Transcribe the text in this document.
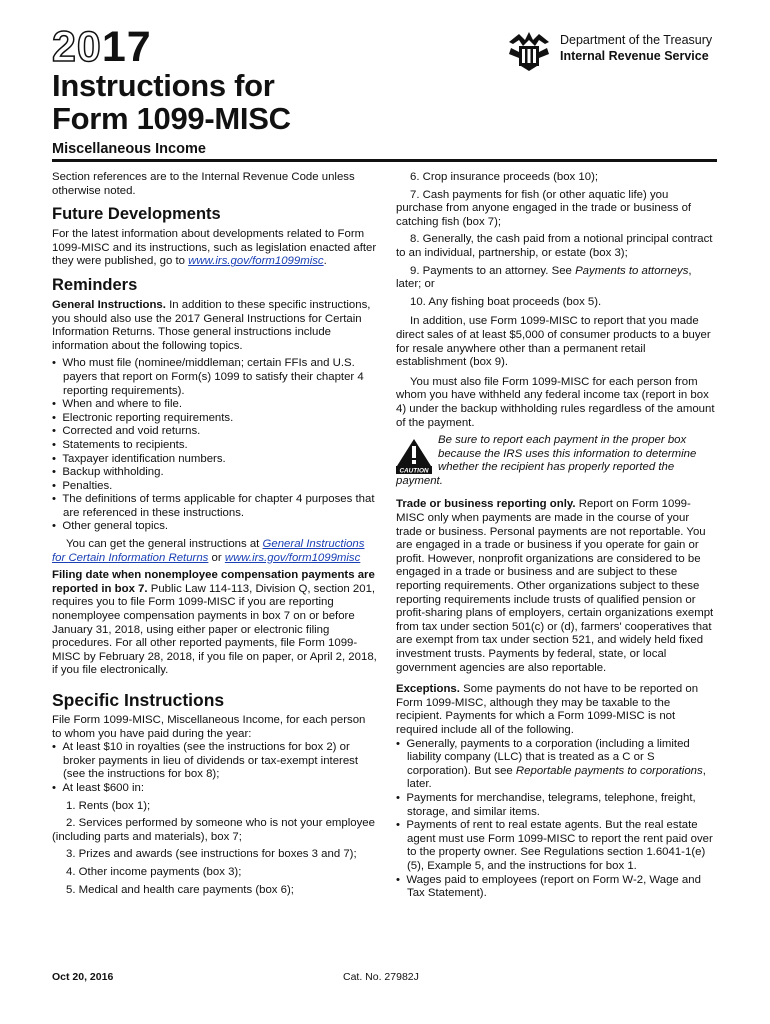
2017	Department of the Treasury
Internal Revenue Service
Instructions for
Form 1099-MISC
Miscellaneous Income

Section references are to the Internal Revenue Code unless otherwise noted.

Future Developments

For the latest information about developments related to Form 1099-MISC and its instructions, such as legislation enacted after they were published, go to www.irs.gov/form1099misc.

Reminders

General Instructions. In addition to these specific instructions, you should also use the 2017 General Instructions for Certain Information Returns. Those general instructions include information about the following topics.

•  Who must file (nominee/middleman; certain FFIs and U.S. payers that report on Form(s) 1099 to satisfy their chapter 4 reporting requirements).
•  When and where to file.
•  Electronic reporting requirements.
•  Corrected and void returns.
•  Statements to recipients.
•  Taxpayer identification numbers.
•  Backup withholding.
•  Penalties.
•  The definitions of terms applicable for chapter 4 purposes that are referenced in these instructions.
•  Other general topics.

You can get the general instructions at General Instructions for Certain Information Returns or www.irs.gov/form1099misc

Filing date when nonemployee compensation payments are reported in box 7. Public Law 114-113, Division Q, section 201, requires you to file Form 1099-MISC if you are reporting nonemployee compensation payments in box 7 on or before January 31, 2018, using either paper or electronic filing procedures. For all other reported payments, file Form 1099-MISC by February 28, 2018, if you file on paper, or April 2, 2018, if you file electronically.

Specific Instructions

File Form 1099-MISC, Miscellaneous Income, for each person to whom you have paid during the year:

•  At least $10 in royalties (see the instructions for box 2) or broker payments in lieu of dividends or tax-exempt interest (see the instructions for box 8);
•  At least $600 in:

1. Rents (box 1);

2. Services performed by someone who is not your employee (including parts and materials), box 7;

3. Prizes and awards (see instructions for boxes 3 and 7);

4. Other income payments (box 3);

5. Medical and health care payments (box 6);

6. Crop insurance proceeds (box 10);

7. Cash payments for fish (or other aquatic life) you purchase from anyone engaged in the trade or business of catching fish (box 7);

8. Generally, the cash paid from a notional principal contract to an individual, partnership, or estate (box 3);

9. Payments to an attorney. See Payments to attorneys, later; or

10. Any fishing boat proceeds (box 5).

In addition, use Form 1099-MISC to report that you made direct sales of at least $5,000 of consumer products to a buyer for resale anywhere other than a permanent retail establishment (box 9).

You must also file Form 1099-MISC for each person from whom you have withheld any federal income tax (report in box 4) under the backup withholding rules regardless of the amount of the payment.

CAUTION
Be sure to report each payment in the proper box because the IRS uses this information to determine whether the recipient has properly reported the
payment.

Trade or business reporting only. Report on Form 1099-MISC only when payments are made in the course of your trade or business. Personal payments are not reportable. You are engaged in a trade or business if you operate for gain or profit. However, nonprofit organizations are considered to be engaged in a trade or business and are subject to these reporting requirements. Other organizations subject to these reporting requirements include trusts of qualified pension or profit-sharing plans of employers, certain organizations exempt from tax under section 501(c) or (d), farmers' cooperatives that are exempt from tax under section 521, and widely held fixed investment trusts. Payments by federal, state, or local government agencies are also reportable.

Exceptions. Some payments do not have to be reported on Form 1099-MISC, although they may be taxable to the recipient. Payments for which a Form 1099-MISC is not required include all of the following.

•  Generally, payments to a corporation (including a limited liability company (LLC) that is treated as a C or S corporation). But see Reportable payments to corporations, later.
•  Payments for merchandise, telegrams, telephone, freight, storage, and similar items.
•  Payments of rent to real estate agents. But the real estate agent must use Form 1099-MISC to report the rent paid over to the property owner. See Regulations section 1.6041-1(e)(5), Example 5, and the instructions for box 1.
•  Wages paid to employees (report on Form W-2, Wage and Tax Statement).
Oct 20, 2016	Cat. No. 27982J
